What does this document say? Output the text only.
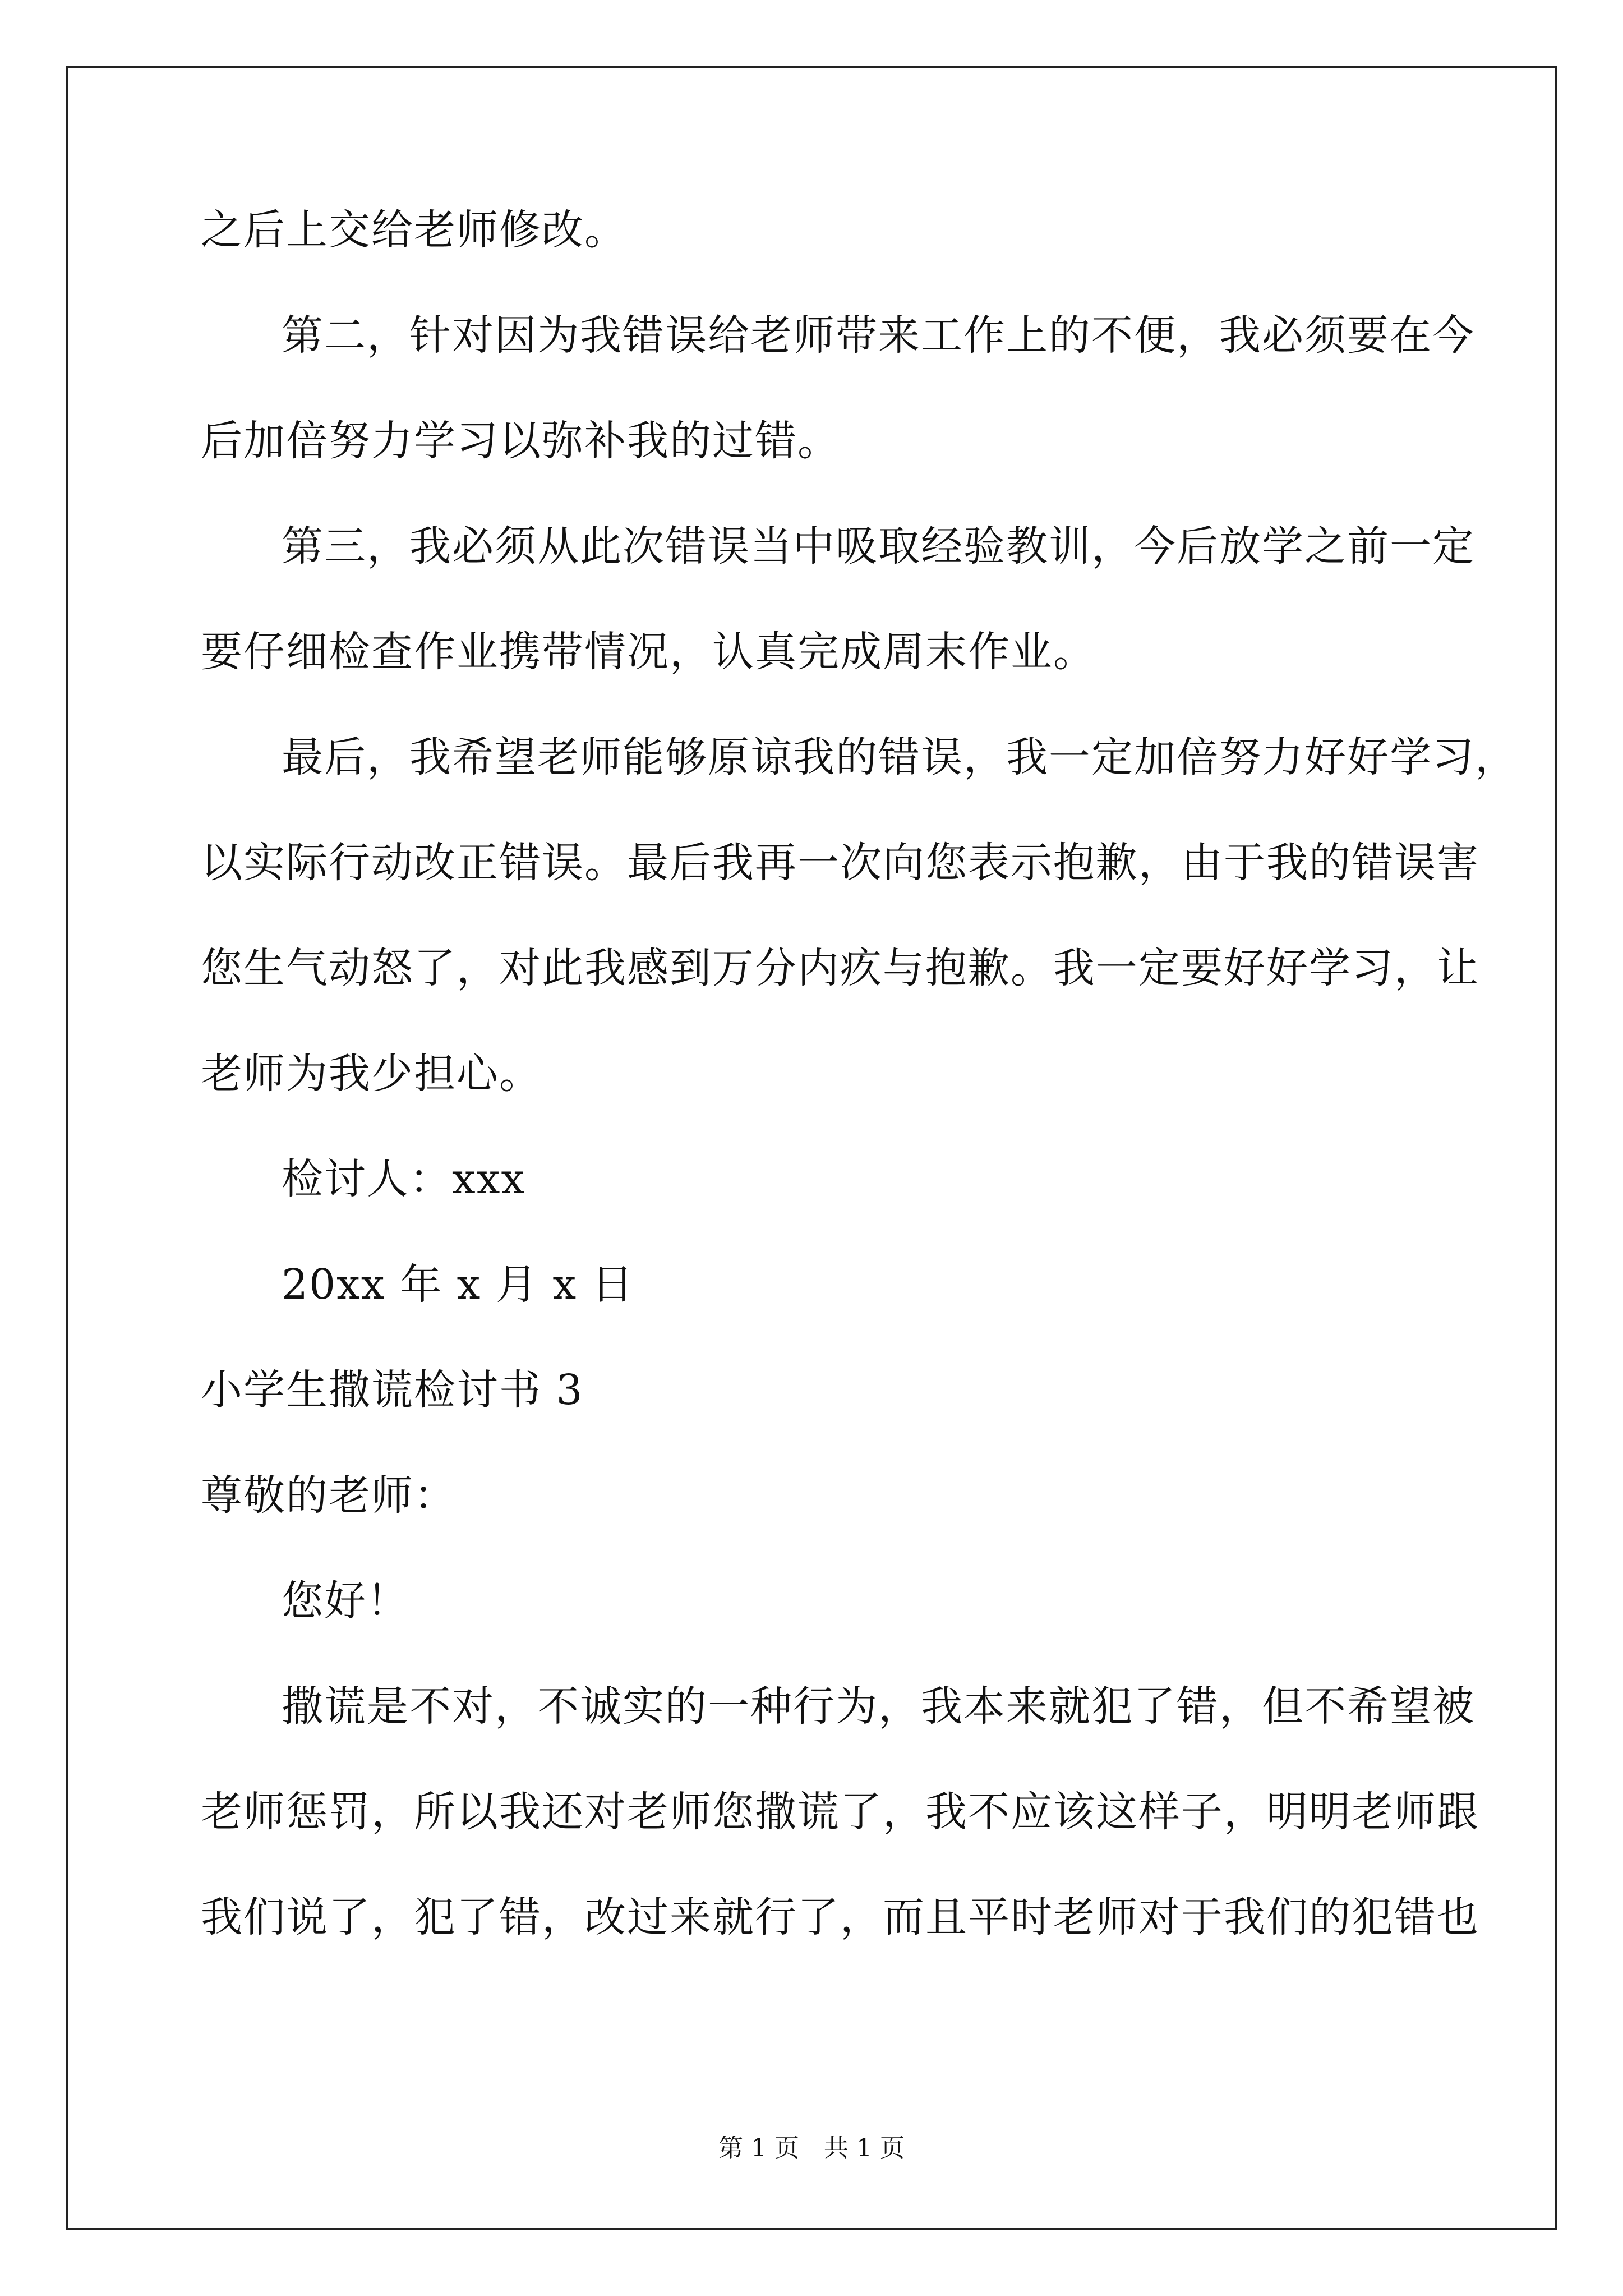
之后上交给老师修改。
第二，针对因为我错误给老师带来工作上的不便，我必须要在今
后加倍努力学习以弥补我的过错。
第三，我必须从此次错误当中吸取经验教训，今后放学之前一定
要仔细检查作业携带情况，认真完成周末作业。
最后，我希望老师能够原谅我的错误，我一定加倍努力好好学习，
以实际行动改正错误。最后我再一次向您表示抱歉，由于我的错误害
您生气动怒了，对此我感到万分内疚与抱歉。我一定要好好学习，让
老师为我少担心。
检讨人：xxx
20xx 年 x 月 x 日
小学生撒谎检讨书 3
尊敬的老师：
您好！
撒谎是不对，不诚实的一种行为，我本来就犯了错，但不希望被
老师惩罚，所以我还对老师您撒谎了，我不应该这样子，明明老师跟
我们说了，犯了错，改过来就行了，而且平时老师对于我们的犯错也
第 1 页　共 1 页
